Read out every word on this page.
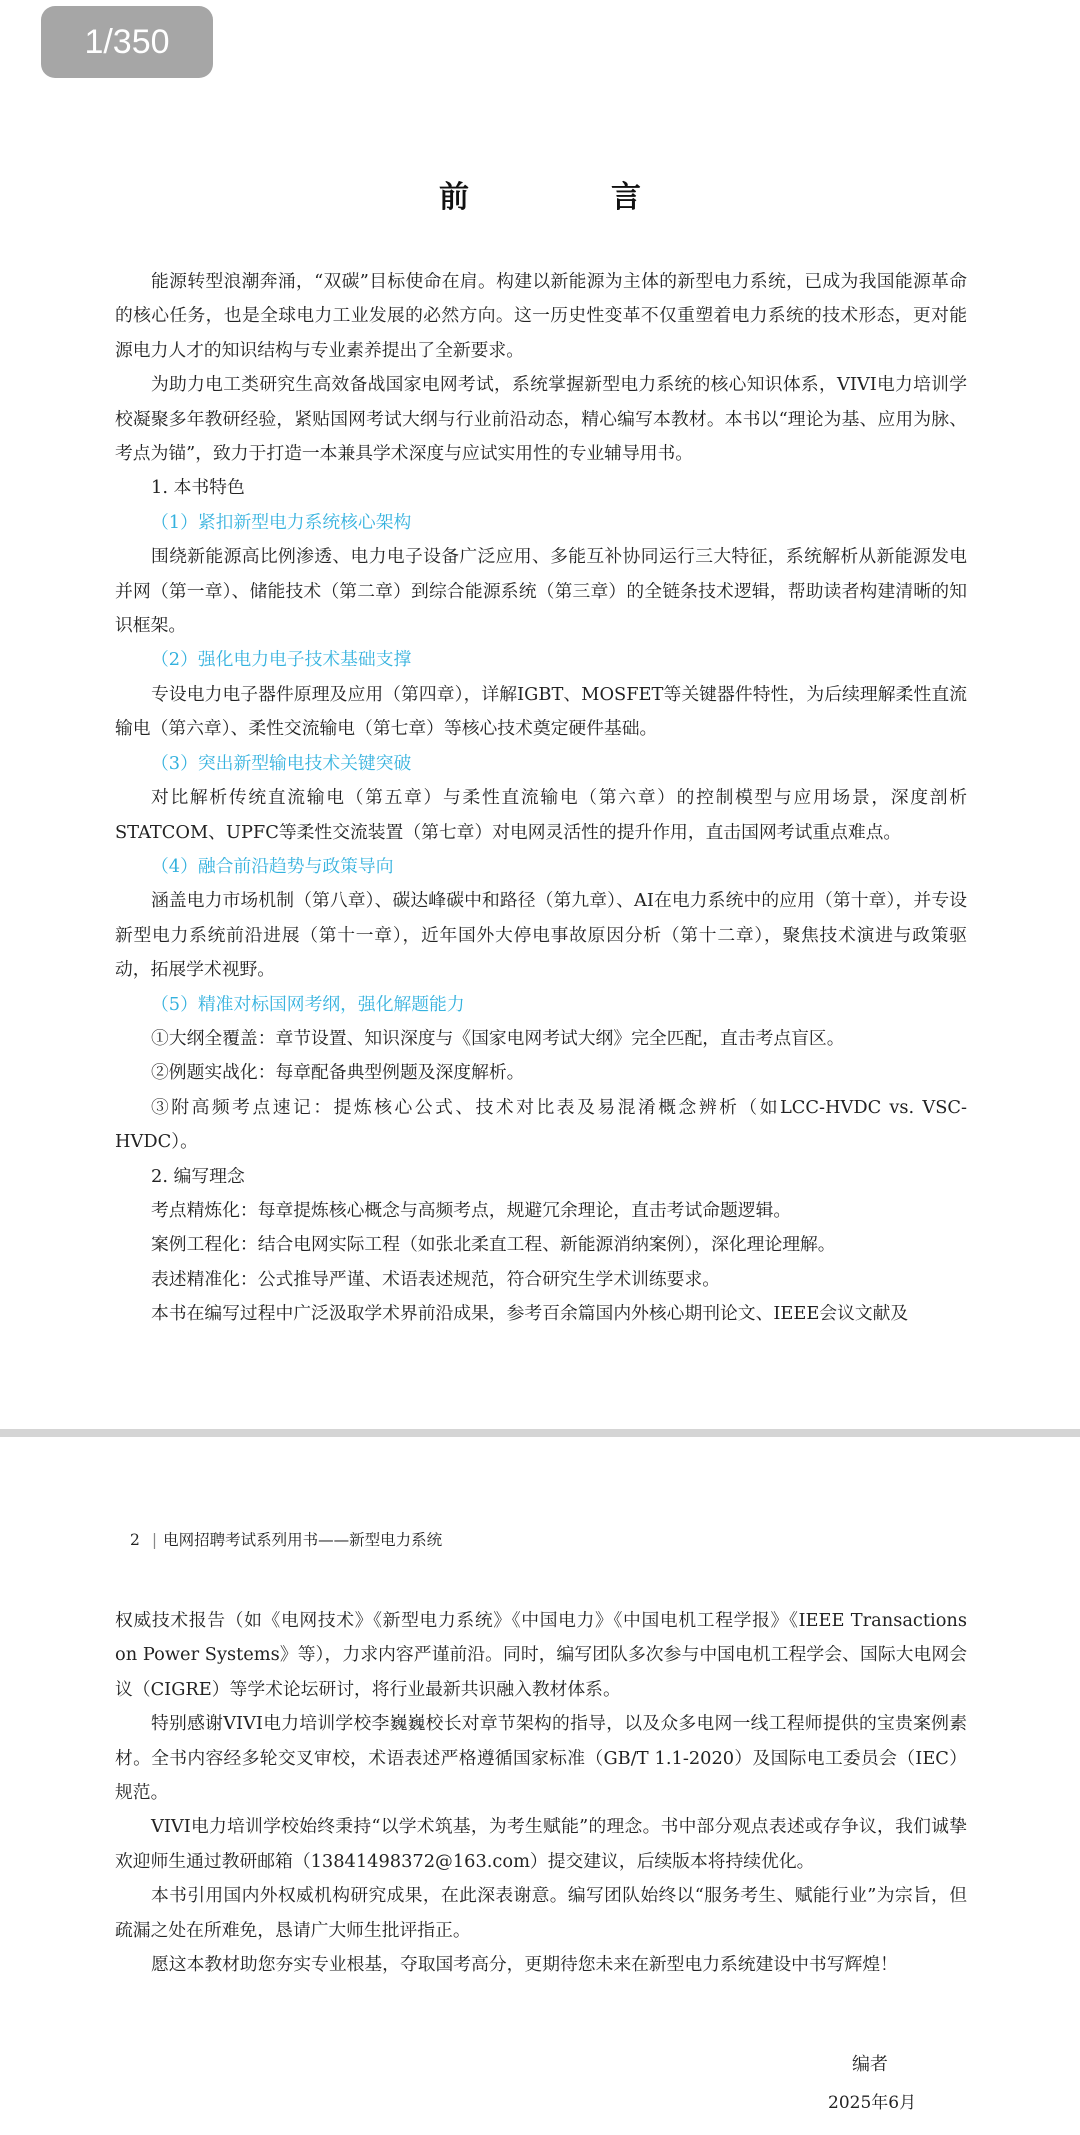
前　言

能源转型浪潮奔涌，“双碳”目标使命在肩。构建以新能源为主体的新型电力系统，已成为我国能源革命的核心任务，也是全球电力工业发展的必然方向。这一历史性变革不仅重塑着电力系统的技术形态，更对能源电力人才的知识结构与专业素养提出了全新要求。

为助力电工类研究生高效备战国家电网考试，系统掌握新型电力系统的核心知识体系，VIVI电力培训学校凝聚多年教研经验，紧贴国网考试大纲与行业前沿动态，精心编写本教材。本书以“理论为基、应用为脉、考点为锚”，致力于打造一本兼具学术深度与应试实用性的专业辅导用书。

1. 本书特色

（1）紧扣新型电力系统核心架构

围绕新能源高比例渗透、电力电子设备广泛应用、多能互补协同运行三大特征，系统解析从新能源发电并网（第一章）、储能技术（第二章）到综合能源系统（第三章）的全链条技术逻辑，帮助读者构建清晰的知识框架。

（2）强化电力电子技术基础支撑

专设电力电子器件原理及应用（第四章），详解IGBT、MOSFET等关键器件特性，为后续理解柔性直流输电（第六章）、柔性交流输电（第七章）等核心技术奠定硬件基础。

（3）突出新型输电技术关键突破

对比解析传统直流输电（第五章）与柔性直流输电（第六章）的控制模型与应用场景，深度剖析STATCOM、UPFC等柔性交流装置（第七章）对电网灵活性的提升作用，直击国网考试重点难点。

（4）融合前沿趋势与政策导向

涵盖电力市场机制（第八章）、碳达峰碳中和路径（第九章）、AI在电力系统中的应用（第十章），并专设新型电力系统前沿进展（第十一章），近年国外大停电事故原因分析（第十二章），聚焦技术演进与政策驱动，拓展学术视野。

（5）精准对标国网考纲，强化解题能力

①大纲全覆盖：章节设置、知识深度与《国家电网考试大纲》完全匹配，直击考点盲区。

②例题实战化：每章配备典型例题及深度解析。

③附高频考点速记：提炼核心公式、技术对比表及易混淆概念辨析（如LCC-HVDC vs. VSC-HVDC）。

2. 编写理念

考点精炼化：每章提炼核心概念与高频考点，规避冗余理论，直击考试命题逻辑。

案例工程化：结合电网实际工程（如张北柔直工程、新能源消纳案例），深化理论理解。

表述精准化：公式推导严谨、术语表述规范，符合研究生学术训练要求。

本书在编写过程中广泛汲取学术界前沿成果，参考百余篇国内外核心期刊论文、IEEE会议文献及

1/350
2 | 电网招聘考试系列用书——新型电力系统

权威技术报告（如《电网技术》《新型电力系统》《中国电力》《中国电机工程学报》《IEEE Transactions on Power Systems》等），力求内容严谨前沿。同时，编写团队多次参与中国电机工程学会、国际大电网会议（CIGRE）等学术论坛研讨，将行业最新共识融入教材体系。

特别感谢VIVI电力培训学校李巍巍校长对章节架构的指导，以及众多电网一线工程师提供的宝贵案例素材。全书内容经多轮交叉审校，术语表述严格遵循国家标准（GB/T 1.1-2020）及国际电工委员会（IEC）规范。

VIVI电力培训学校始终秉持“以学术筑基，为考生赋能”的理念。书中部分观点表述或存争议，我们诚挚欢迎师生通过教研邮箱（13841498372@163.com）提交建议，后续版本将持续优化。

本书引用国内外权威机构研究成果，在此深表谢意。编写团队始终以“服务考生、赋能行业”为宗旨，但疏漏之处在所难免，恳请广大师生批评指正。

愿这本教材助您夯实专业根基，夺取国考高分，更期待您未来在新型电力系统建设中书写辉煌！

编者
2025年6月
